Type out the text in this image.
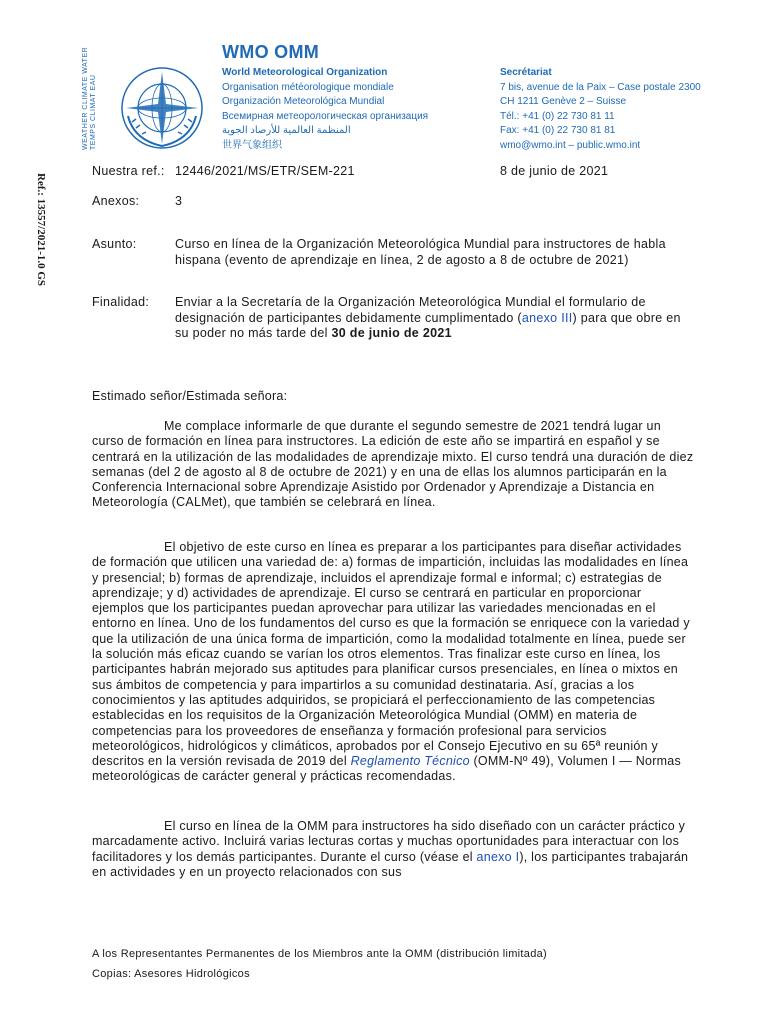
Ref.: 13557/2021-1.0 GS
WEATHER CLIMATE WATER TEMPS CLIMAT EAU
WMO OMM
World Meteorological Organization
Organisation météorologique mondiale
Organización Meteorológica Mundial
Всемирная метеорологическая организация
المنظمة العالمية للأرصاد الجوية
世界气象组织
Secrétariat
7 bis, avenue de la Paix – Case postale 2300
CH 1211 Genève 2 – Suisse
Tél.: +41 (0) 22 730 81 11
Fax: +41 (0) 22 730 81 81
wmo@wmo.int – public.wmo.int
Nuestra ref.: 12446/2021/MS/ETR/SEM-221	8 de junio de 2021
Anexos:	3
Asunto:	Curso en línea de la Organización Meteorológica Mundial para instructores de habla hispana (evento de aprendizaje en línea, 2 de agosto a 8 de octubre de 2021)
Finalidad: Enviar a la Secretaría de la Organización Meteorológica Mundial el formulario de designación de participantes debidamente cumplimentado (anexo III) para que obre en su poder no más tarde del 30 de junio de 2021
Estimado señor/Estimada señora:
Me complace informarle de que durante el segundo semestre de 2021 tendrá lugar un curso de formación en línea para instructores. La edición de este año se impartirá en español y se centrará en la utilización de las modalidades de aprendizaje mixto. El curso tendrá una duración de diez semanas (del 2 de agosto al 8 de octubre de 2021) y en una de ellas los alumnos participarán en la Conferencia Internacional sobre Aprendizaje Asistido por Ordenador y Aprendizaje a Distancia en Meteorología (CALMet), que también se celebrará en línea.
El objetivo de este curso en línea es preparar a los participantes para diseñar actividades de formación que utilicen una variedad de: a) formas de impartición, incluidas las modalidades en línea y presencial; b) formas de aprendizaje, incluidos el aprendizaje formal e informal; c) estrategias de aprendizaje; y d) actividades de aprendizaje. El curso se centrará en particular en proporcionar ejemplos que los participantes puedan aprovechar para utilizar las variedades mencionadas en el entorno en línea. Uno de los fundamentos del curso es que la formación se enriquece con la variedad y que la utilización de una única forma de impartición, como la modalidad totalmente en línea, puede ser la solución más eficaz cuando se varían los otros elementos. Tras finalizar este curso en línea, los participantes habrán mejorado sus aptitudes para planificar cursos presenciales, en línea o mixtos en sus ámbitos de competencia y para impartirlos a su comunidad destinataria. Así, gracias a los conocimientos y las aptitudes adquiridos, se propiciará el perfeccionamiento de las competencias establecidas en los requisitos de la Organización Meteorológica Mundial (OMM) en materia de competencias para los proveedores de enseñanza y formación profesional para servicios meteorológicos, hidrológicos y climáticos, aprobados por el Consejo Ejecutivo en su 65ª reunión y descritos en la versión revisada de 2019 del Reglamento Técnico (OMM-Nº 49), Volumen I — Normas meteorológicas de carácter general y prácticas recomendadas.
El curso en línea de la OMM para instructores ha sido diseñado con un carácter práctico y marcadamente activo. Incluirá varias lecturas cortas y muchas oportunidades para interactuar con los facilitadores y los demás participantes. Durante el curso (véase el anexo I), los participantes trabajarán en actividades y en un proyecto relacionados con sus
A los Representantes Permanentes de los Miembros ante la OMM (distribución limitada)
Copias: Asesores Hidrológicos
